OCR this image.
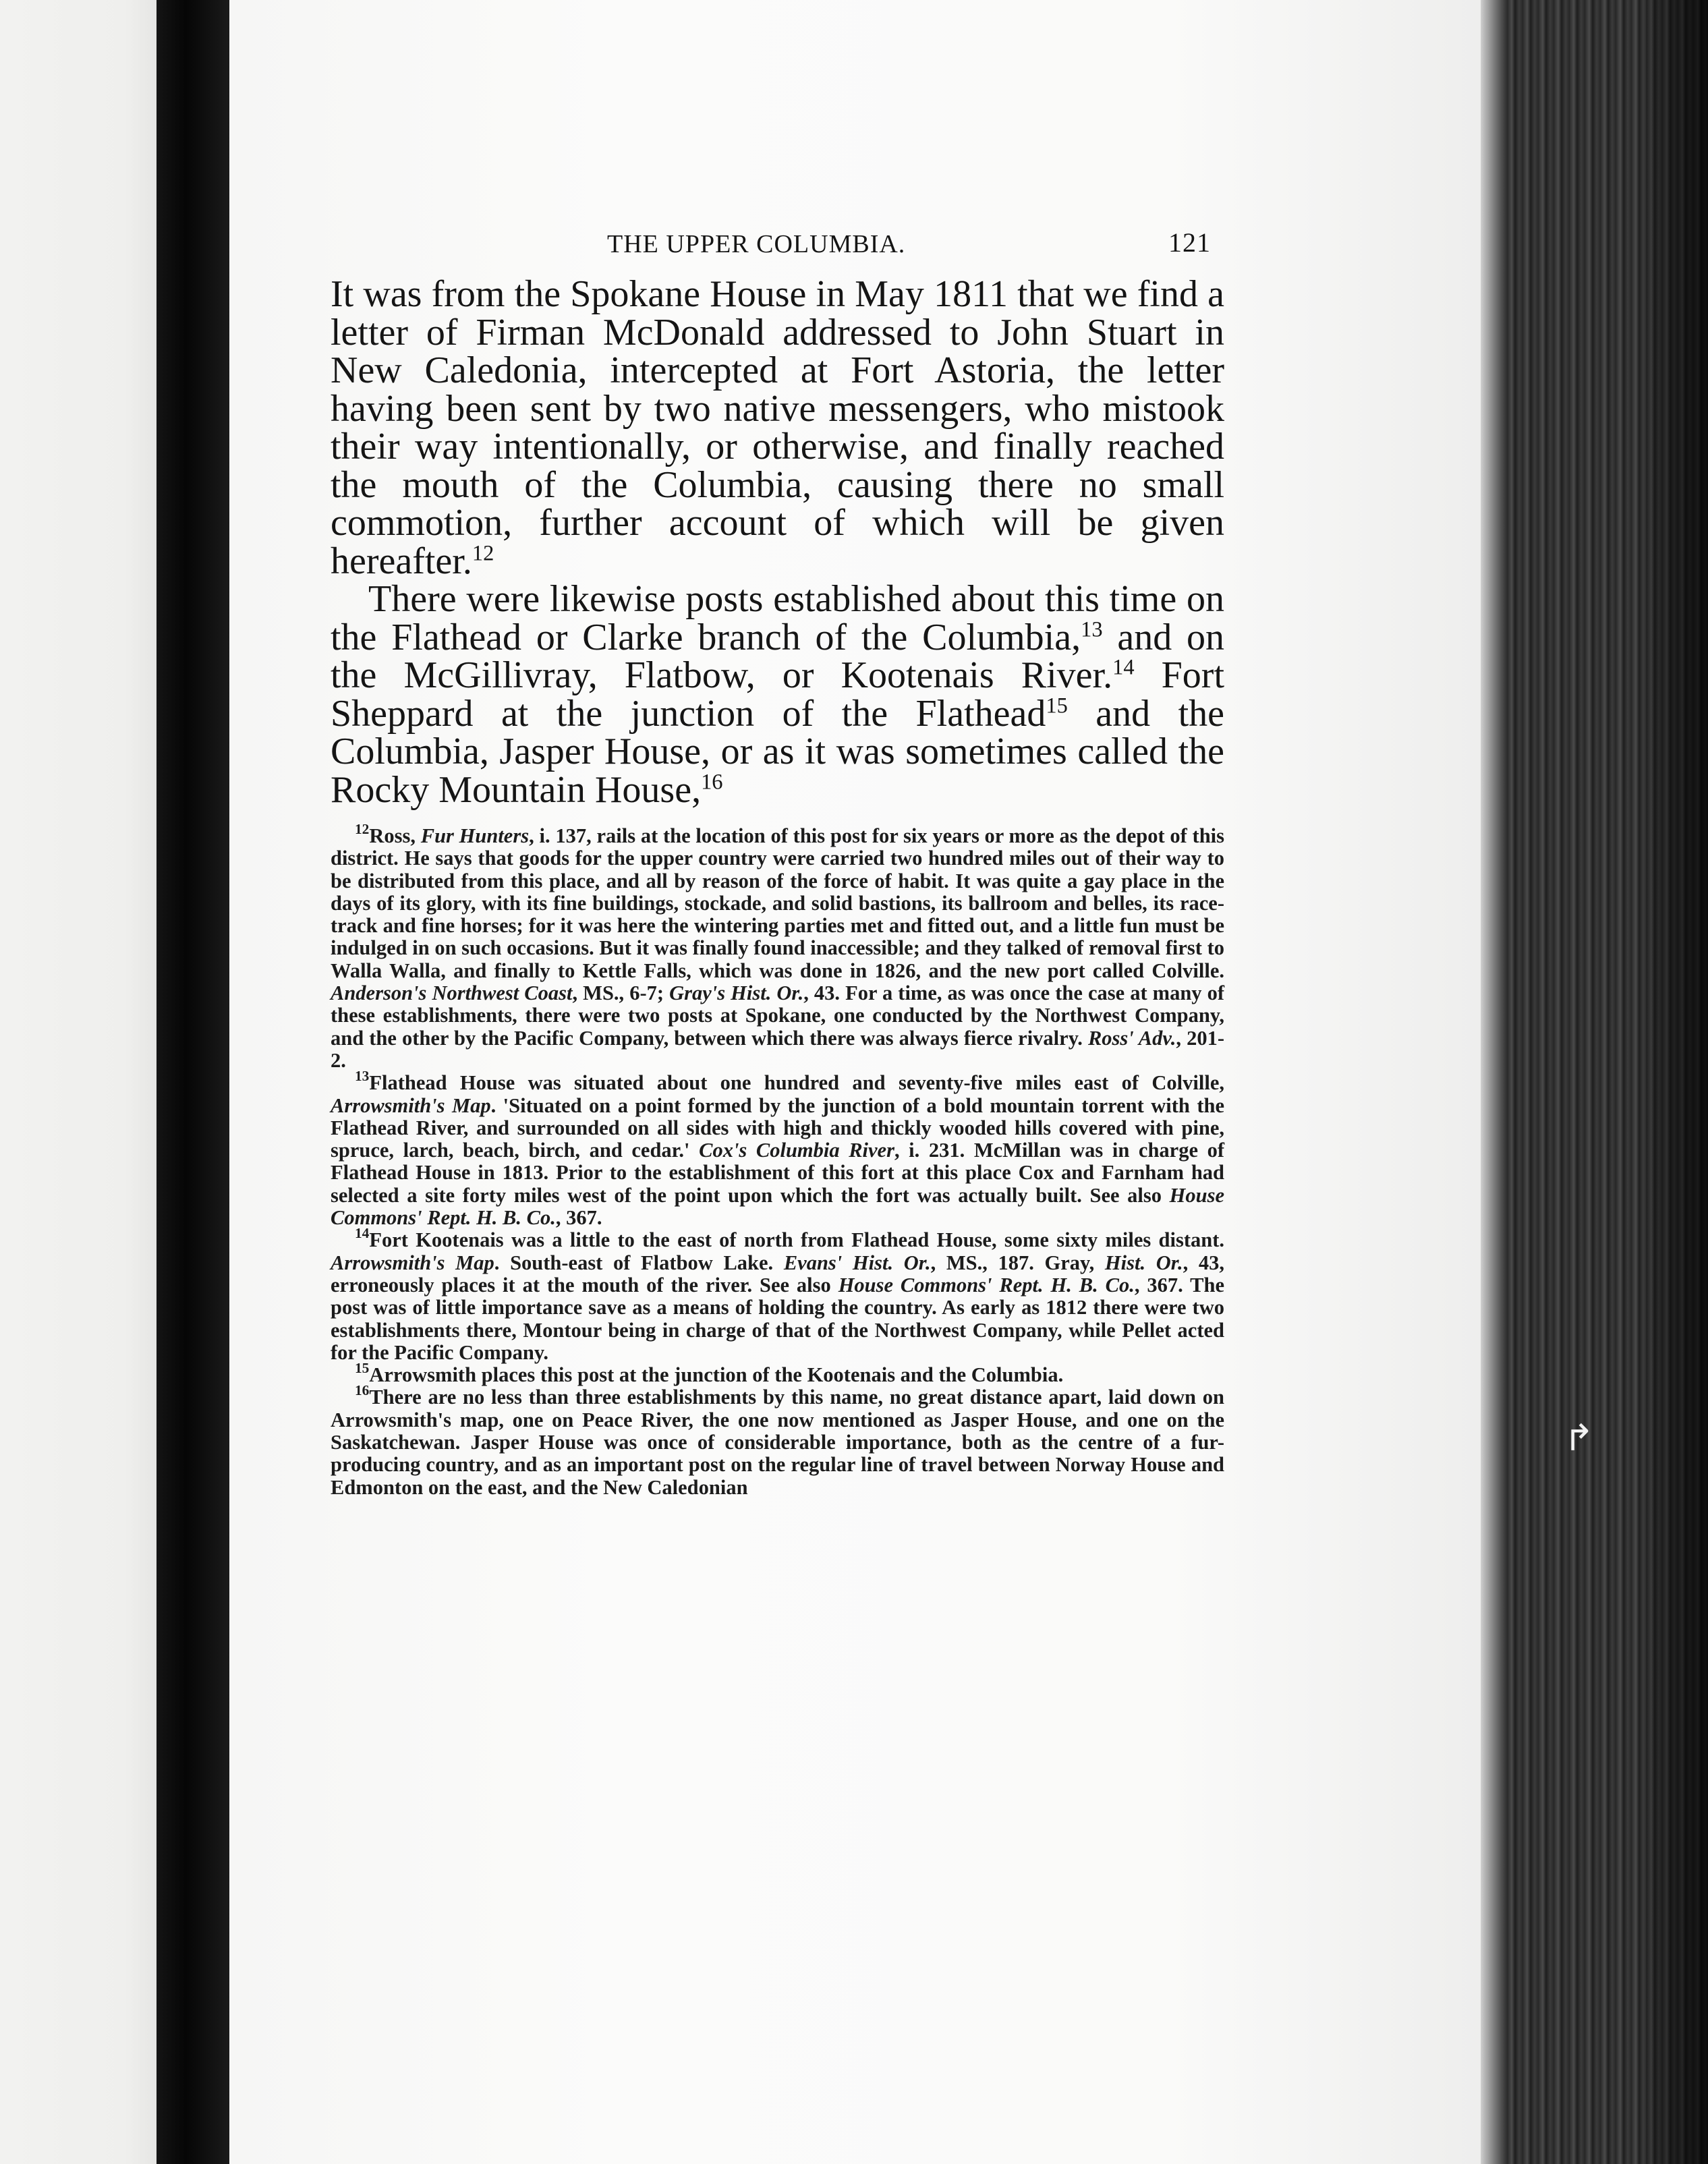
↱
THE UPPER COLUMBIA.	121

It was from the Spokane House in May 1811 that we find a letter of Firman McDonald addressed to John Stuart in New Caledonia, intercepted at Fort Astoria, the letter having been sent by two native messengers, who mistook their way intentionally, or otherwise, and finally reached the mouth of the Columbia, causing there no small commotion, further account of which will be given hereafter.$^{12}$

There were likewise posts established about this time on the Flathead or Clarke branch of the Columbia,$^{13}$ and on the McGillivray, Flatbow, or Kootenais River.$^{14}$ Fort Sheppard at the junction of the Flathead$^{15}$ and the Columbia, Jasper House, or as it was sometimes called the Rocky Mountain House,$^{16}$

$^{12}$Ross, Fur Hunters, i. 137, rails at the location of this post for six years or more as the depot of this district. He says that goods for the upper country were carried two hundred miles out of their way to be distributed from this place, and all by reason of the force of habit. It was quite a gay place in the days of its glory, with its fine buildings, stockade, and solid bastions, its ballroom and belles, its race-track and fine horses; for it was here the wintering parties met and fitted out, and a little fun must be indulged in on such occasions. But it was finally found inaccessible; and they talked of removal first to Walla Walla, and finally to Kettle Falls, which was done in 1826, and the new port called Colville. Anderson's Northwest Coast, MS., 6-7; Gray's Hist. Or., 43. For a time, as was once the case at many of these establishments, there were two posts at Spokane, one conducted by the Northwest Company, and the other by the Pacific Company, between which there was always fierce rivalry. Ross' Adv., 201-2.

$^{13}$Flathead House was situated about one hundred and seventy-five miles east of Colville, Arrowsmith's Map. 'Situated on a point formed by the junction of a bold mountain torrent with the Flathead River, and surrounded on all sides with high and thickly wooded hills covered with pine, spruce, larch, beach, birch, and cedar.' Cox's Columbia River, i. 231. McMillan was in charge of Flathead House in 1813. Prior to the establishment of this fort at this place Cox and Farnham had selected a site forty miles west of the point upon which the fort was actually built. See also House Commons' Rept. H. B. Co., 367.

$^{14}$Fort Kootenais was a little to the east of north from Flathead House, some sixty miles distant. Arrowsmith's Map. South-east of Flatbow Lake. Evans' Hist. Or., MS., 187. Gray, Hist. Or., 43, erroneously places it at the mouth of the river. See also House Commons' Rept. H. B. Co., 367. The post was of little importance save as a means of holding the country. As early as 1812 there were two establishments there, Montour being in charge of that of the Northwest Company, while Pellet acted for the Pacific Company.

$^{15}$Arrowsmith places this post at the junction of the Kootenais and the Columbia.

$^{16}$There are no less than three establishments by this name, no great distance apart, laid down on Arrowsmith's map, one on Peace River, the one now mentioned as Jasper House, and one on the Saskatchewan. Jasper House was once of considerable importance, both as the centre of a fur-producing country, and as an important post on the regular line of travel between Norway House and Edmonton on the east, and the New Caledonian
